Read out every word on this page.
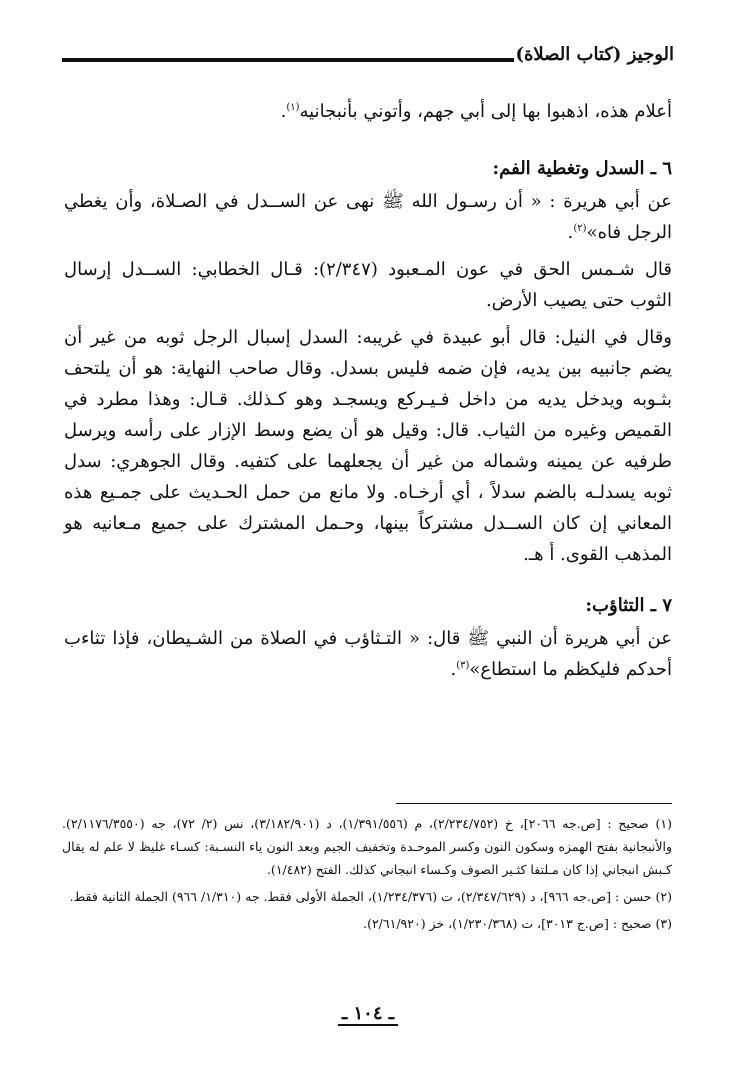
الوجيز (كتاب الصلاة)

أعلام هذه، اذهبوا بها إلى أبي جهم، وأتوني بأنبجانيه$^{(١)}$.

٦ ـ السدل وتغطية الفم:

عن أبي هريرة : « أن رسـول الله ﷺ نهى عن الســدل في الصـلاة، وأن يغطي الرجل فاه»$^{(٢)}$.

قال شـمس الحق في عون المـعبود (٢/٣٤٧): قـال الخطابي: الســدل إرسال الثوب حتى يصيب الأرض.

وقال في النيل: قال أبو عبيدة في غريبه: السدل إسبال الرجل ثوبه من غير أن يضم جانبيه بين يديه، فإن ضمه فليس بسدل. وقال صاحب النهاية: هو أن يلتحف بثـوبه ويدخل يديه من داخل فـيـركع ويسجـد وهو كـذلك. قـال: وهذا مطرد في القميص وغيره من الثياب. قال: وقيل هو أن يضع وسط الإزار على رأسه ويرسل طرفيه عن يمينه وشماله من غير أن يجعلهما على كتفيه. وقال الجوهري: سدل ثوبه يسدلـه بالضم سدلاً ، أي أرخـاه. ولا مانع من حمل الحـديث على جمـيع هذه المعاني إن كان الســدل مشتركاً بينها، وحـمل المشترك على جميع مـعانيه هو المذهب القوى. أ هـ.

٧ ـ التثاؤب:

عن أبي هريرة أن النبي ﷺ قال: « التـثاؤب في الصلاة من الشـيطان، فإذا تثاءب أحدكم فليكظم ما استطاع»$^{(٣)}$.

(١) صحيح : [ص.جه ٢٠٦٦]، خ (٢/٢٣٤/٧٥٢)، م (١/٣٩١/٥٥٦)، د (٣/١٨٢/٩٠١)، نس (٢/ ٧٢)، جه (٢/١١٧٦/٣٥٥٠). والأنبجانية بفتح الهمزه وسكون النون وكسر الموحـدة وتخفيف الجيم وبعد النون ياء النسـبة: كسـاء غليظ لا علم له يقال كـبش انبجاني إذا كان مـلتفا كثـير الصوف وكـساء انبجاني كذلك. الفتح (١/٤٨٢).

(٢) حسن : [ص.جه ٩٦٦]، د (٢/٣٤٧/٦٢٩)، ت (١/٢٣٤/٣٧٦)، الجملة الأولى فقط. جه (١/٣١٠/ ٩٦٦) الجملة الثانية فقط.

(٣) صحيح : [ص.ج ٣٠١٣]، ت (١/٢٣٠/٣٦٨)، خز (٢/٦١/٩٢٠).

ـ ١٠٤ ـ
